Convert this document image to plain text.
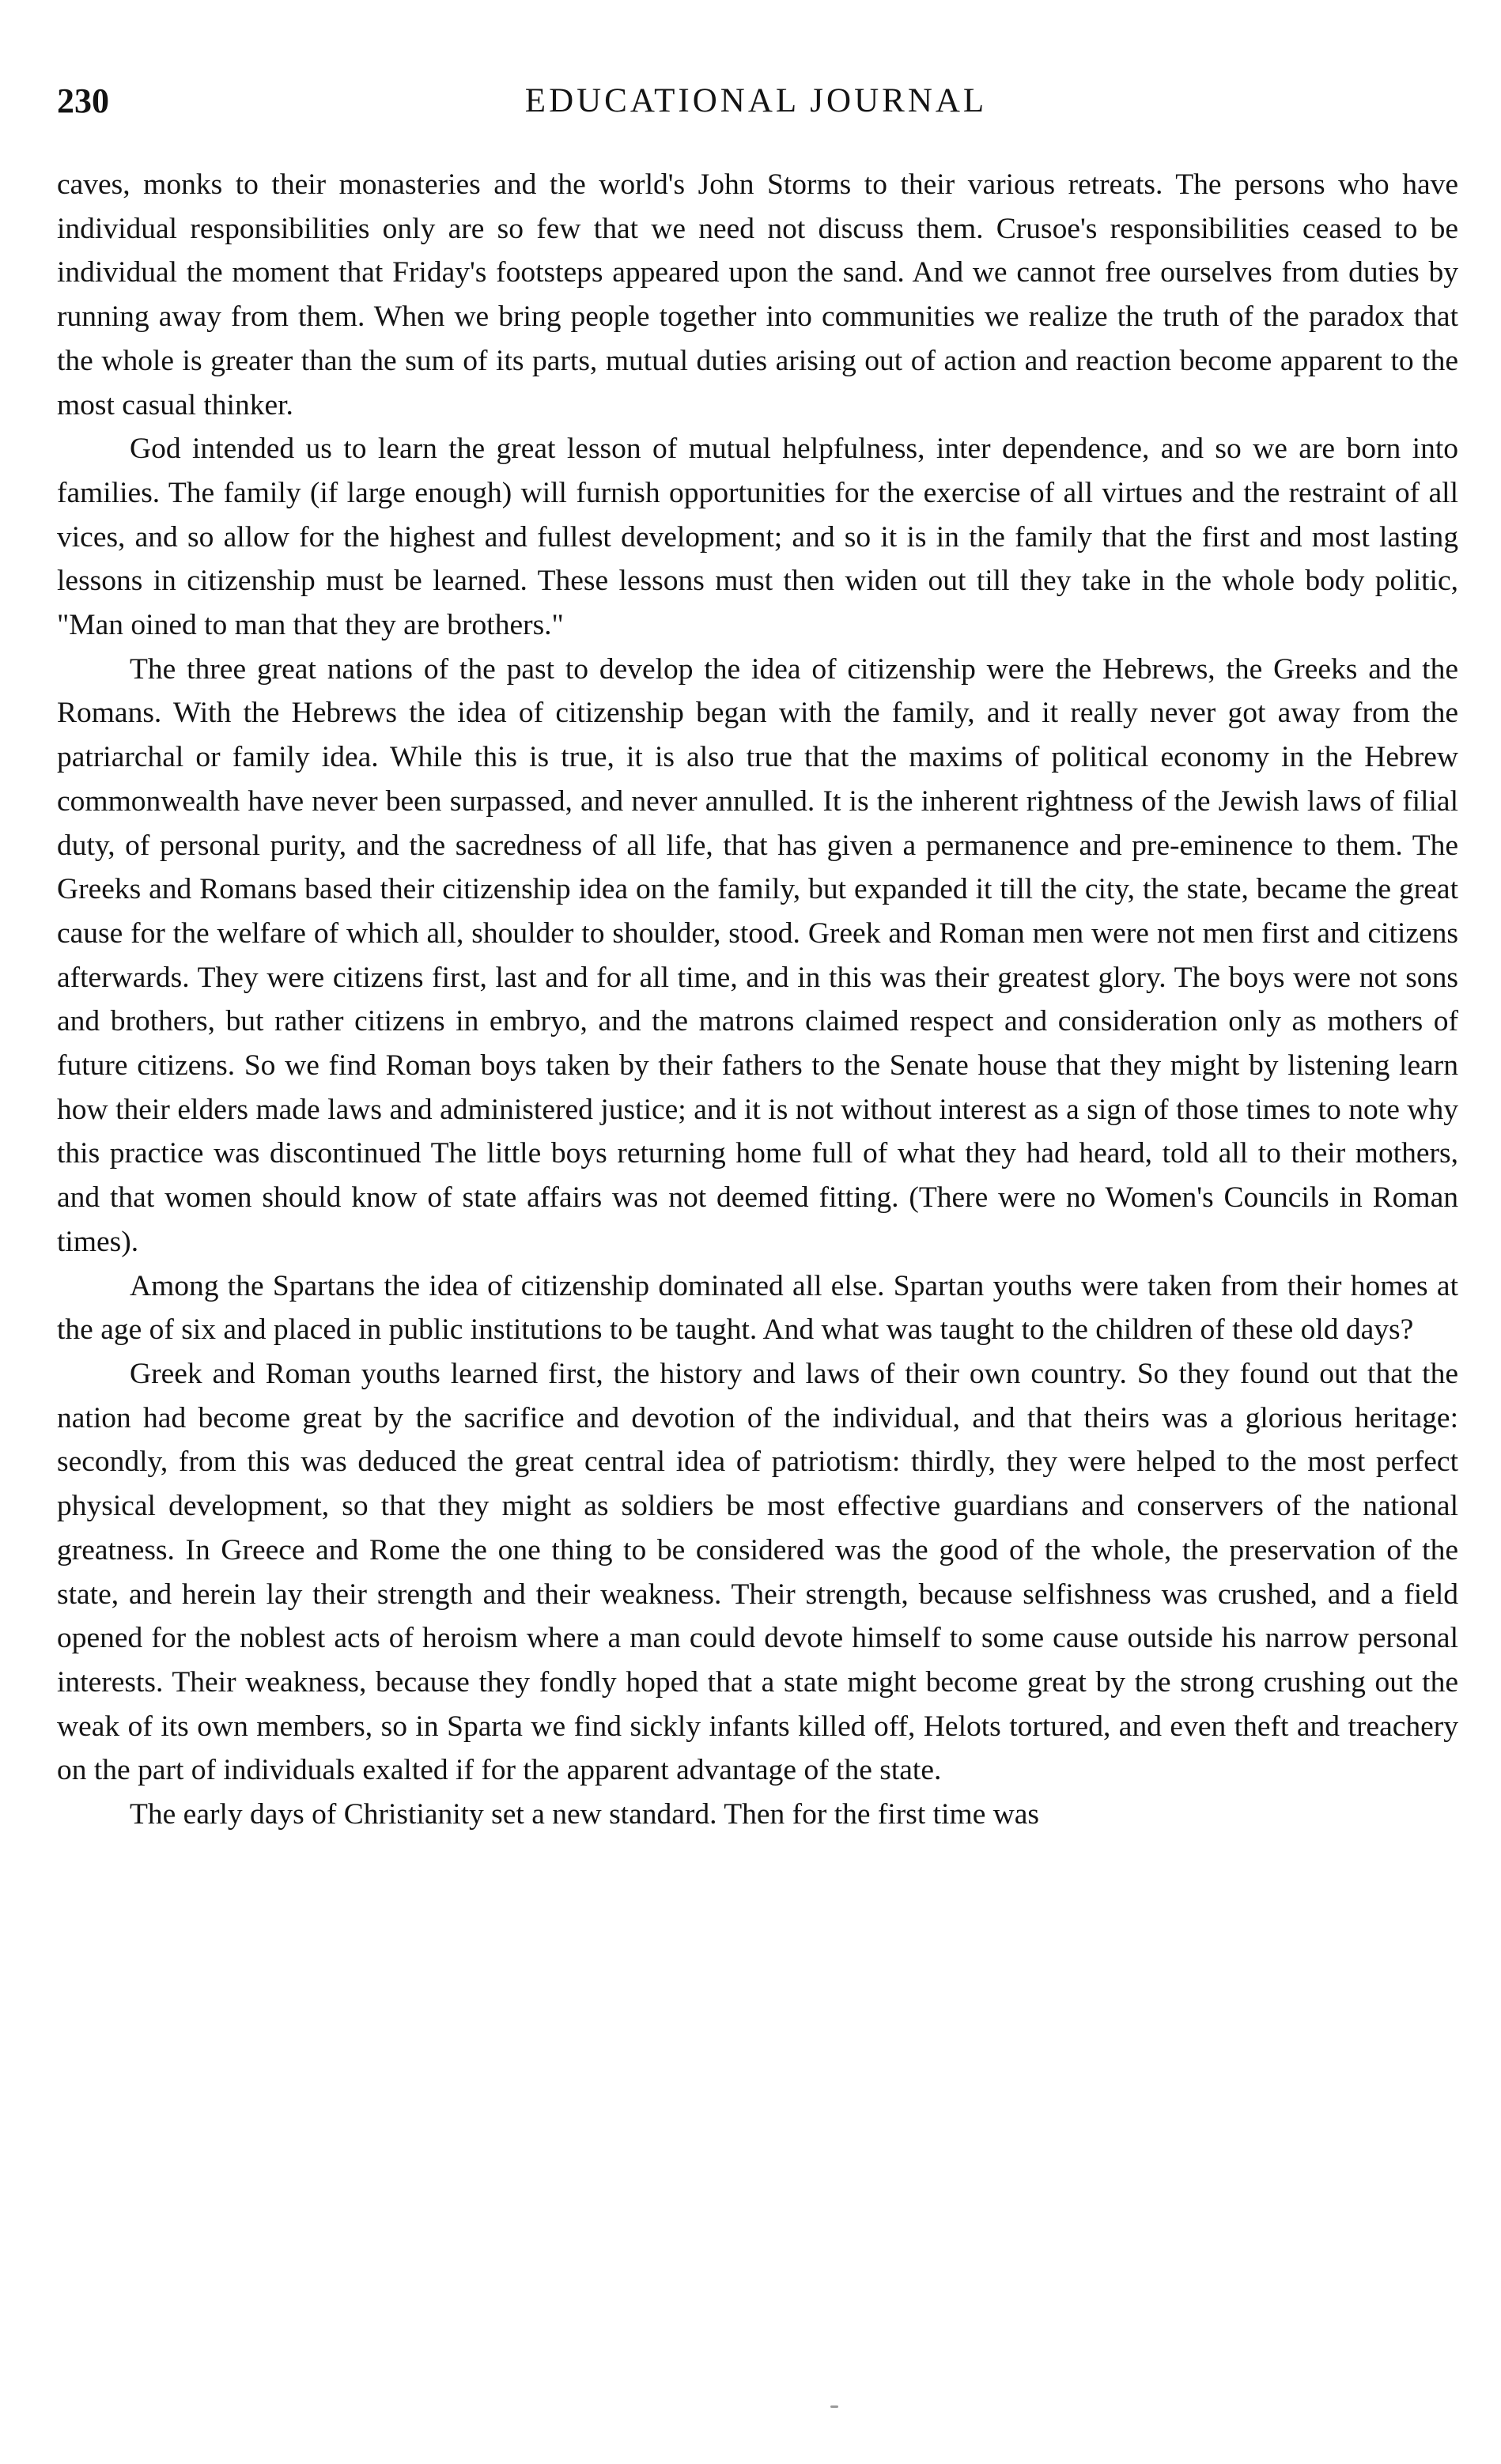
230	EDUCATIONAL JOURNAL

caves, monks to their monasteries and the world's John Storms to their various retreats. The persons who have individual responsibilities only are so few that we need not discuss them. Crusoe's responsibilities ceased to be individual the moment that Friday's footsteps appeared upon the sand. And we cannot free ourselves from duties by running away from them. When we bring people together into communities we realize the truth of the paradox that the whole is greater than the sum of its parts, mutual duties arising out of action and reaction become apparent to the most casual thinker.

God intended us to learn the great lesson of mutual helpfulness, inter dependence, and so we are born into families. The family (if large enough) will furnish opportunities for the exercise of all virtues and the restraint of all vices, and so allow for the highest and fullest development; and so it is in the family that the first and most lasting lessons in citizenship must be learned. These lessons must then widen out till they take in the whole body politic, "Man oined to man that they are brothers."

The three great nations of the past to develop the idea of citizenship were the Hebrews, the Greeks and the Romans. With the Hebrews the idea of citizenship began with the family, and it really never got away from the patriarchal or family idea. While this is true, it is also true that the maxims of political economy in the Hebrew commonwealth have never been surpassed, and never annulled. It is the inherent rightness of the Jewish laws of filial duty, of personal purity, and the sacredness of all life, that has given a permanence and pre-eminence to them. The Greeks and Romans based their citizenship idea on the family, but expanded it till the city, the state, became the great cause for the welfare of which all, shoulder to shoulder, stood. Greek and Roman men were not men first and citizens afterwards. They were citizens first, last and for all time, and in this was their greatest glory. The boys were not sons and brothers, but rather citizens in embryo, and the matrons claimed respect and consideration only as mothers of future citizens. So we find Roman boys taken by their fathers to the Senate house that they might by listening learn how their elders made laws and administered justice; and it is not without interest as a sign of those times to note why this practice was discontinued The little boys returning home full of what they had heard, told all to their mothers, and that women should know of state affairs was not deemed fitting. (There were no Women's Councils in Roman times).

Among the Spartans the idea of citizenship dominated all else. Spartan youths were taken from their homes at the age of six and placed in public institutions to be taught. And what was taught to the children of these old days?

Greek and Roman youths learned first, the history and laws of their own country. So they found out that the nation had become great by the sacrifice and devotion of the individual, and that theirs was a glorious heritage: secondly, from this was deduced the great central idea of patriotism: thirdly, they were helped to the most perfect physical development, so that they might as soldiers be most effective guardians and conservers of the national greatness. In Greece and Rome the one thing to be considered was the good of the whole, the preservation of the state, and herein lay their strength and their weakness. Their strength, because selfishness was crushed, and a field opened for the noblest acts of heroism where a man could devote himself to some cause outside his narrow personal interests. Their weakness, because they fondly hoped that a state might become great by the strong crushing out the weak of its own members, so in Sparta we find sickly infants killed off, Helots tortured, and even theft and treachery on the part of individuals exalted if for the apparent advantage of the state.

The early days of Christianity set a new standard. Then for the first time was
